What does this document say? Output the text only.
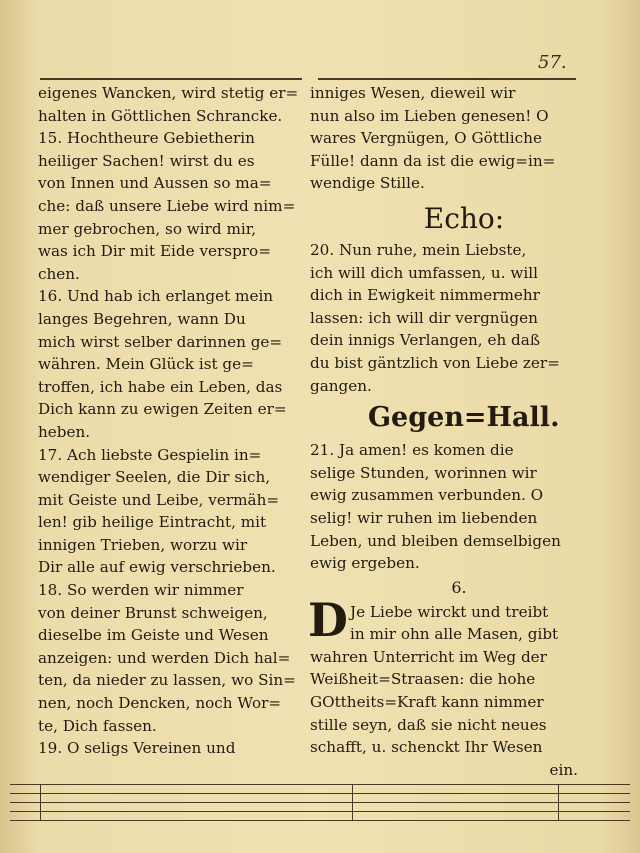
57.
eigenes Wancken, wird stetig er=
halten in Göttlichen Schrancke.
15. Hochtheure Gebietherin
heiliger Sachen! wirst du es
von Innen und Aussen so ma=
che: daß unsere Liebe wird nim=
mer gebrochen, so wird mir,
was ich Dir mit Eide verspro=
chen.
16. Und hab ich erlanget mein
langes Begehren, wann Du
mich wirst selber darinnen ge=
währen. Mein Glück ist ge=
troffen, ich habe ein Leben, das
Dich kann zu ewigen Zeiten er=
heben.
17. Ach liebste Gespielin in=
wendiger Seelen, die Dir sich,
mit Geiste und Leibe, vermäh=
len! gib heilige Eintracht, mit
innigen Trieben, worzu wir
Dir alle auf ewig verschrieben.
18. So werden wir nimmer
von deiner Brunst schweigen,
dieselbe im Geiste und Wesen
anzeigen: und werden Dich hal=
ten, da nieder zu lassen, wo Sin=
nen, noch Dencken, noch Wor=
te, Dich fassen.
19. O seligs Vereinen und
inniges Wesen, dieweil wir
nun also im Lieben genesen! O
wares Vergnügen, O Göttliche
Fülle! dann da ist die ewig=in=
wendige Stille.
Echo:
20. Nun ruhe, mein Liebste,
ich will dich umfassen, u. will
dich in Ewigkeit nimmermehr
lassen: ich will dir vergnügen
dein innigs Verlangen, eh daß
du bist gäntzlich von Liebe zer=
gangen.
Gegen=Hall.
21. Ja amen! es komen die
selige Stunden, worinnen wir
ewig zusammen verbunden. O
selig! wir ruhen im liebenden
Leben, und bleiben demselbigen
ewig ergeben.
6.
D Je Liebe wirckt und treibt
in mir ohn alle Masen, gibt
wahren Unterricht im Weg der
Weißheit=Straasen: die hohe
GOttheits=Kraft kann nimmer
stille seyn, daß sie nicht neues
schafft, u. schenckt Ihr Wesen
ein.
